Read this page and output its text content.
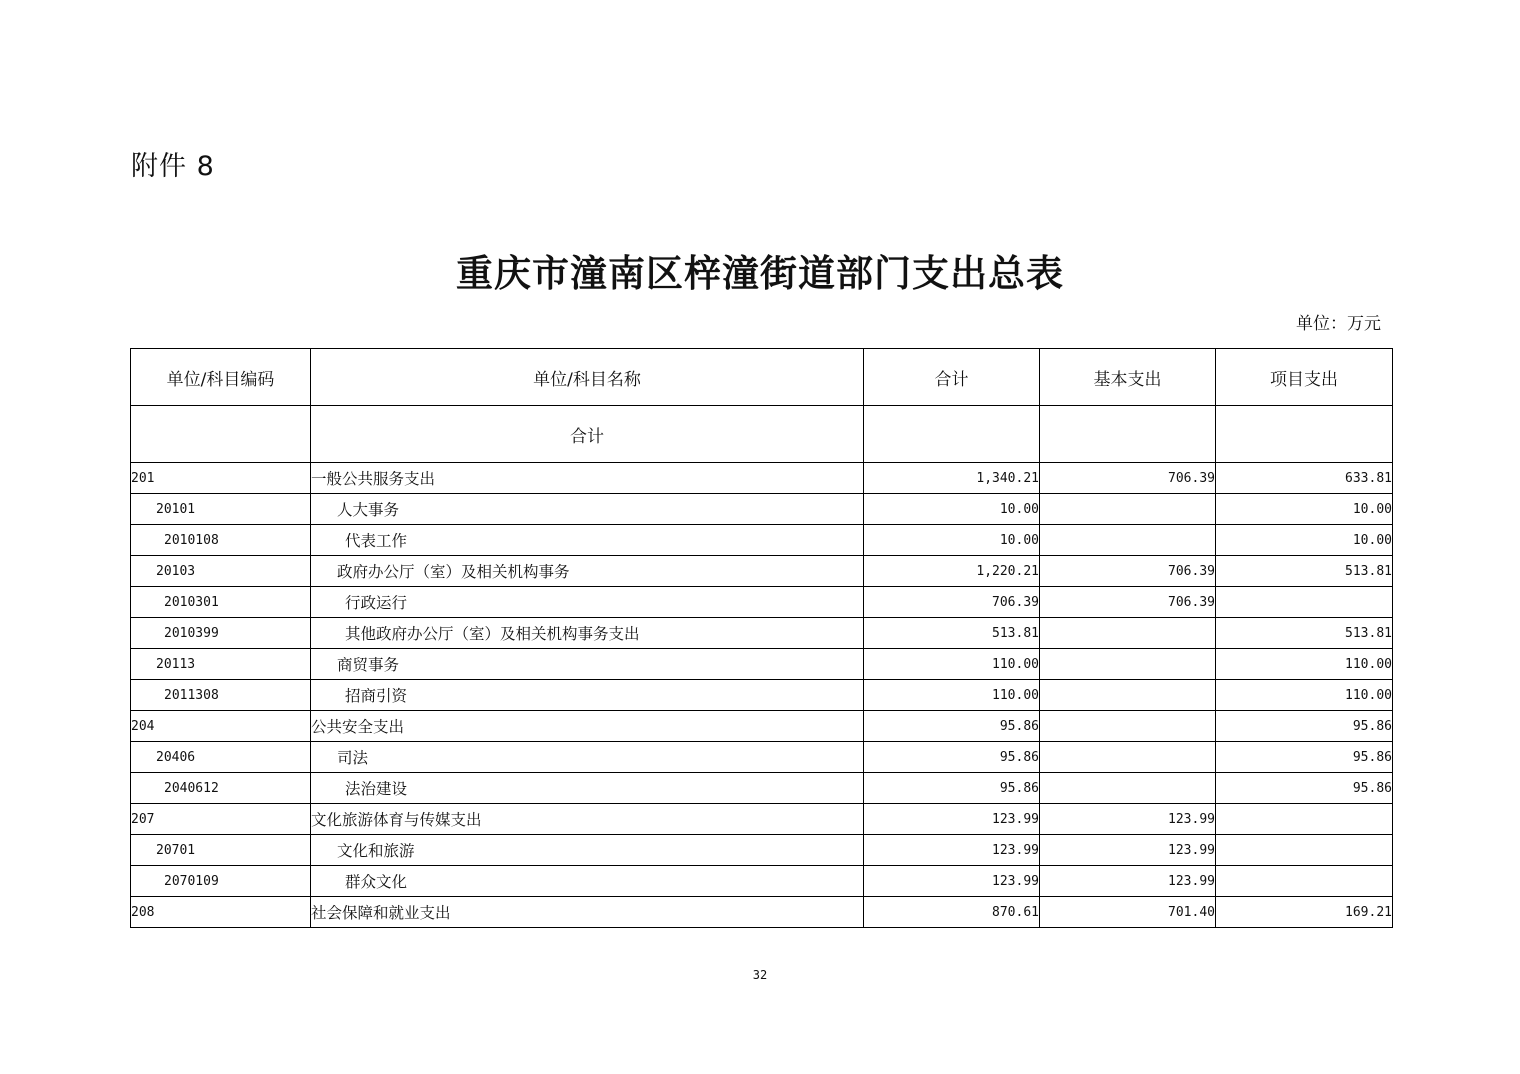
附件 8
重庆市潼南区梓潼街道部门支出总表
单位：万元
单位/科目编码	单位/科目名称	合计	基本支出	项目支出
	合计			
201	一般公共服务支出	1,340.21	706.39	633.81
20101	人大事务	10.00		10.00
2010108	代表工作	10.00		10.00
20103	政府办公厅（室）及相关机构事务	1,220.21	706.39	513.81
2010301	行政运行	706.39	706.39	
2010399	其他政府办公厅（室）及相关机构事务支出	513.81		513.81
20113	商贸事务	110.00		110.00
2011308	招商引资	110.00		110.00
204	公共安全支出	95.86		95.86
20406	司法	95.86		95.86
2040612	法治建设	95.86		95.86
207	文化旅游体育与传媒支出	123.99	123.99	
20701	文化和旅游	123.99	123.99	
2070109	群众文化	123.99	123.99	
208	社会保障和就业支出	870.61	701.40	169.21
32
